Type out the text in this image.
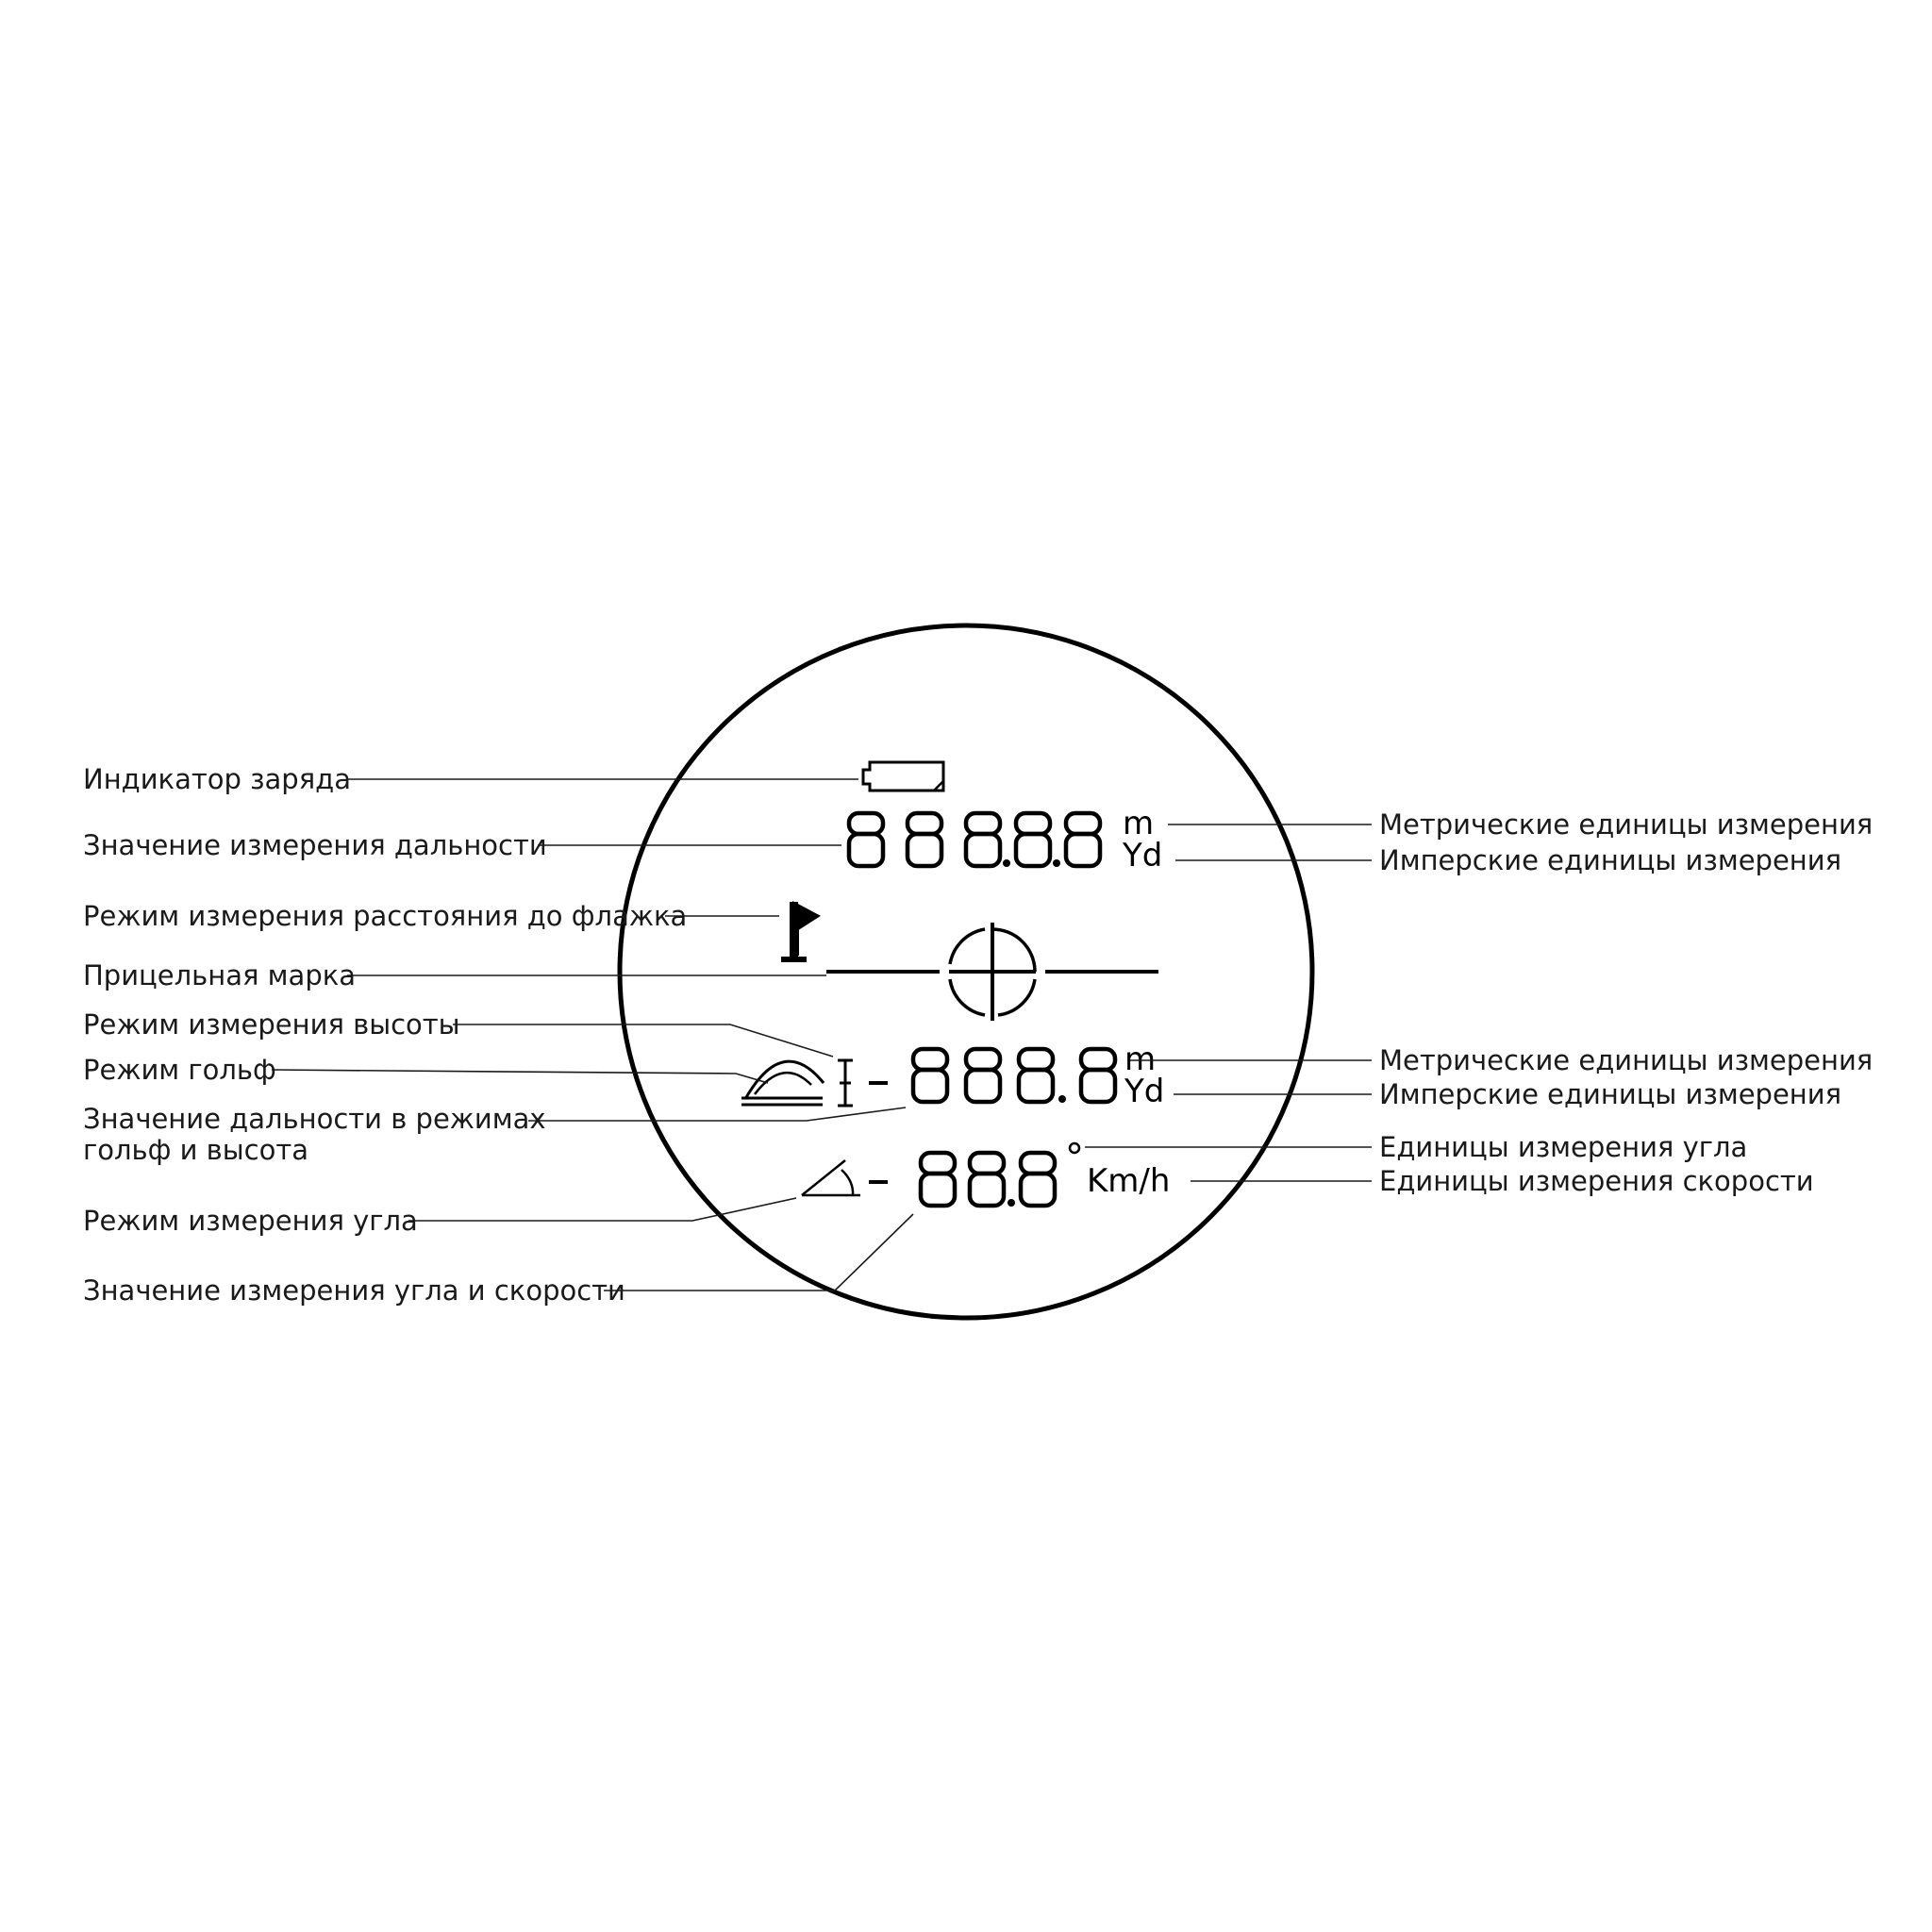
m
Yd
m
Yd
Km/h
Индикатор заряда
Значение измерения дальности
Режим измерения расстояния до флажка
Прицельная марка
Режим измерения высоты
Режим гольф
Значение дальности в режимах
гольф и высота
Режим измерения угла
Значение измерения угла и скорости
Метрические единицы измерения
Имперские единицы измерения
Метрические единицы измерения
Имперские единицы измерения
Единицы измерения угла
Единицы измерения скорости
